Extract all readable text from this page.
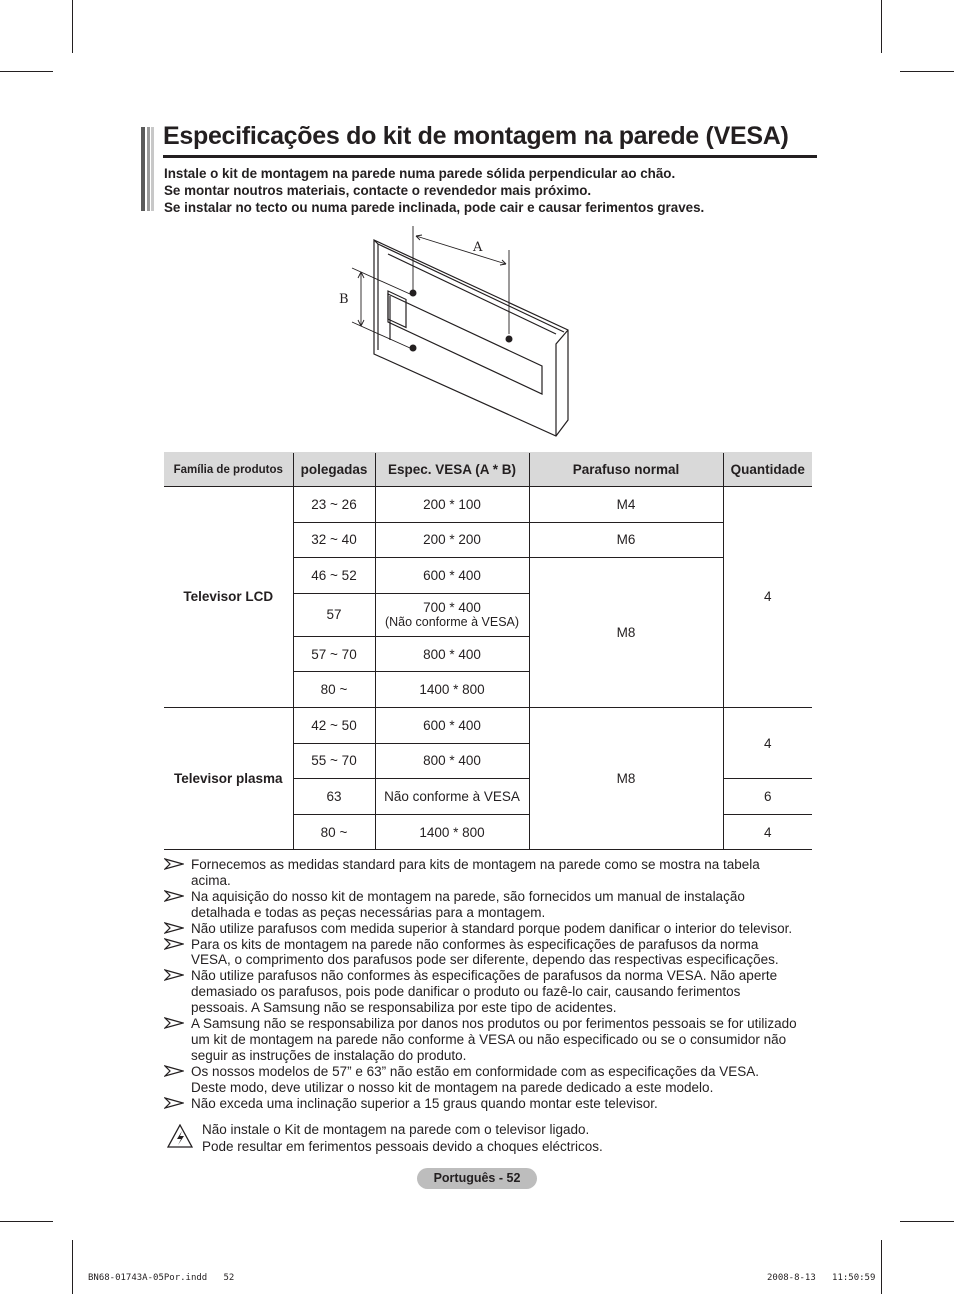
Especificações do kit de montagem na parede (VESA)
Instale o kit de montagem na parede numa parede sólida perpendicular ao chão.
Se montar noutros materiais, contacte o revendedor mais próximo.
Se instalar no tecto ou numa parede inclinada, pode cair e causar ferimentos graves.
A
B
Família de produtos	polegadas	Espec. VESA (A * B)	Parafuso normal	Quantidade
Televisor LCD	23 ~ 26	200 * 100	M4	4
	32 ~ 40	200 * 200	M6	
	46 ~ 52	600 * 400	M8	
	57	700 * 400
(Não conforme à VESA)		

	57 ~ 70	800 * 400		
	80 ~	1400 * 800		
Televisor plasma	42 ~ 50	600 * 400	M8	4
	55 ~ 70	800 * 400		
	63	Não conforme à VESA		6
	80 ~	1400 * 800		4
Fornecemos as medidas standard para kits de montagem na parede como se mostra na tabela
acima.
Na aquisição do nosso kit de montagem na parede, são fornecidos um manual de instalação
detalhada e todas as peças necessárias para a montagem.
Não utilize parafusos com medida superior à standard porque podem danificar o interior do televisor.
Para os kits de montagem na parede não conformes às especificações de parafusos da norma
VESA, o comprimento dos parafusos pode ser diferente, dependo das respectivas especificações.
Não utilize parafusos não conformes às especificações de parafusos da norma VESA. Não aperte
demasiado os parafusos, pois pode danificar o produto ou fazê-lo cair, causando ferimentos
pessoais. A Samsung não se responsabiliza por este tipo de acidentes.
A Samsung não se responsabiliza por danos nos produtos ou por ferimentos pessoais se for utilizado
um kit de montagem na parede não conforme à VESA ou não especificado ou se o consumidor não
seguir as instruções de instalação do produto.
Os nossos modelos de 57” e 63” não estão em conformidade com as especificações da VESA.
Deste modo, deve utilizar o nosso kit de montagem na parede dedicado a este modelo.
Não exceda uma inclinação superior a 15 graus quando montar este televisor.
Não instale o Kit de montagem na parede com o televisor ligado.
Pode resultar em ferimentos pessoais devido a choques eléctricos.
Português - 52
BN68-01743A-05Por.indd   52	2008-8-13   11:50:59
